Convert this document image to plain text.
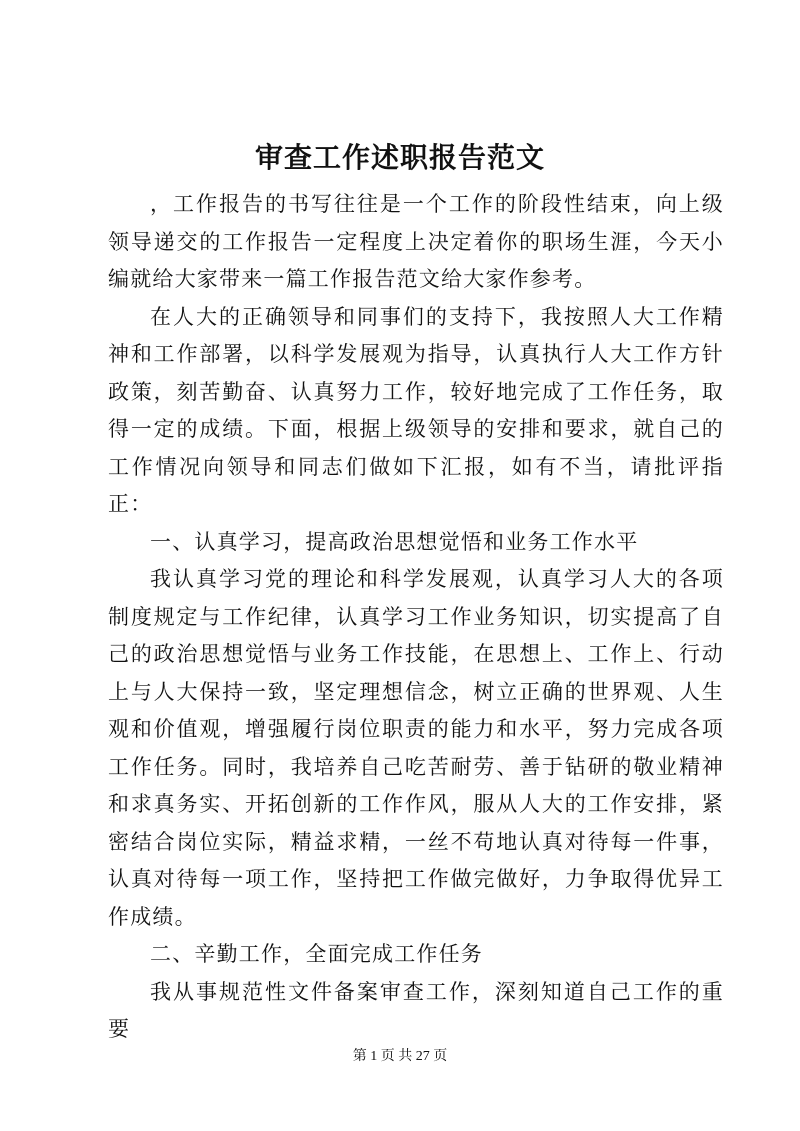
审查工作述职报告范文

，工作报告的书写往往是一个工作的阶段性结束，向上级领导递交的工作报告一定程度上决定着你的职场生涯，今天小编就给大家带来一篇工作报告范文给大家作参考。

在人大的正确领导和同事们的支持下，我按照人大工作精神和工作部署，以科学发展观为指导，认真执行人大工作方针政策，刻苦勤奋、认真努力工作，较好地完成了工作任务，取得一定的成绩。下面，根据上级领导的安排和要求，就自己的工作情况向领导和同志们做如下汇报，如有不当，请批评指正：

一、认真学习，提高政治思想觉悟和业务工作水平

我认真学习党的理论和科学发展观，认真学习人大的各项制度规定与工作纪律，认真学习工作业务知识，切实提高了自己的政治思想觉悟与业务工作技能，在思想上、工作上、行动上与人大保持一致，坚定理想信念，树立正确的世界观、人生观和价值观，增强履行岗位职责的能力和水平，努力完成各项工作任务。同时，我培养自己吃苦耐劳、善于钻研的敬业精神和求真务实、开拓创新的工作作风，服从人大的工作安排，紧密结合岗位实际，精益求精，一丝不苟地认真对待每一件事，认真对待每一项工作，坚持把工作做完做好，力争取得优异工作成绩。

二、辛勤工作，全面完成工作任务

我从事规范性文件备案审查工作，深刻知道自己工作的重要

第 1 页 共 27 页
